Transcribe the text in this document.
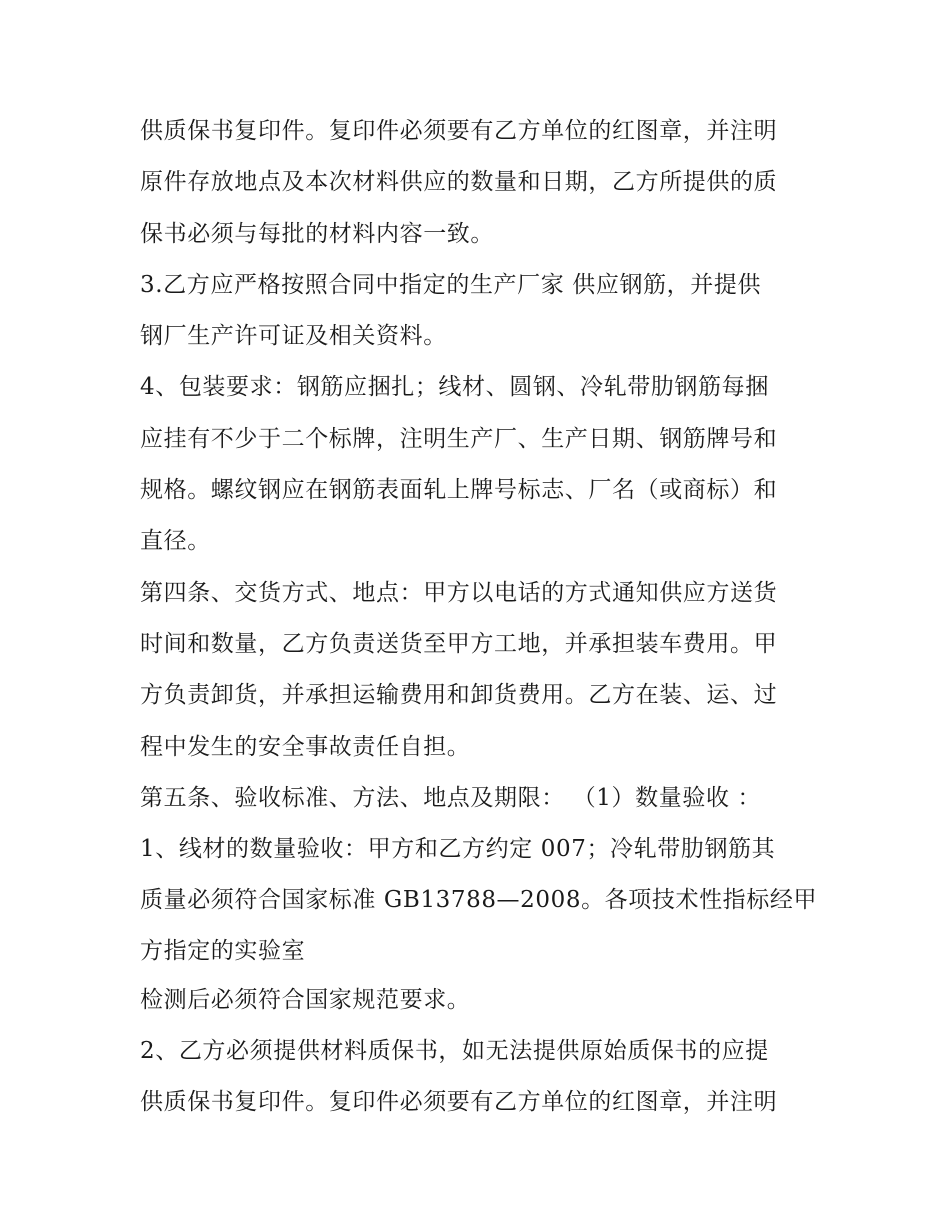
供质保书复印件。复印件必须要有乙方单位的红图章，并注明
原件存放地点及本次材料供应的数量和日期，乙方所提供的质
保书必须与每批的材料内容一致。
3.乙方应严格按照合同中指定的生产厂家 供应钢筋，并提供
钢厂生产许可证及相关资料。
4、包装要求：钢筋应捆扎；线材、圆钢、冷轧带肋钢筋每捆
应挂有不少于二个标牌，注明生产厂、生产日期、钢筋牌号和
规格。螺纹钢应在钢筋表面轧上牌号标志、厂名（或商标）和
直径。
第四条、交货方式、地点：甲方以电话的方式通知供应方送货
时间和数量，乙方负责送货至甲方工地，并承担装车费用。甲
方负责卸货，并承担运输费用和卸货费用。乙方在装、运、过
程中发生的安全事故责任自担。
第五条、验收标准、方法、地点及期限： （1）数量验收 ：
1、线材的数量验收：甲方和乙方约定 007；冷轧带肋钢筋其
质量必须符合国家标准 GB13788—2008。各项技术性指标经甲
方指定的实验室
检测后必须符合国家规范要求。
2、乙方必须提供材料质保书，如无法提供原始质保书的应提
供质保书复印件。复印件必须要有乙方单位的红图章，并注明
